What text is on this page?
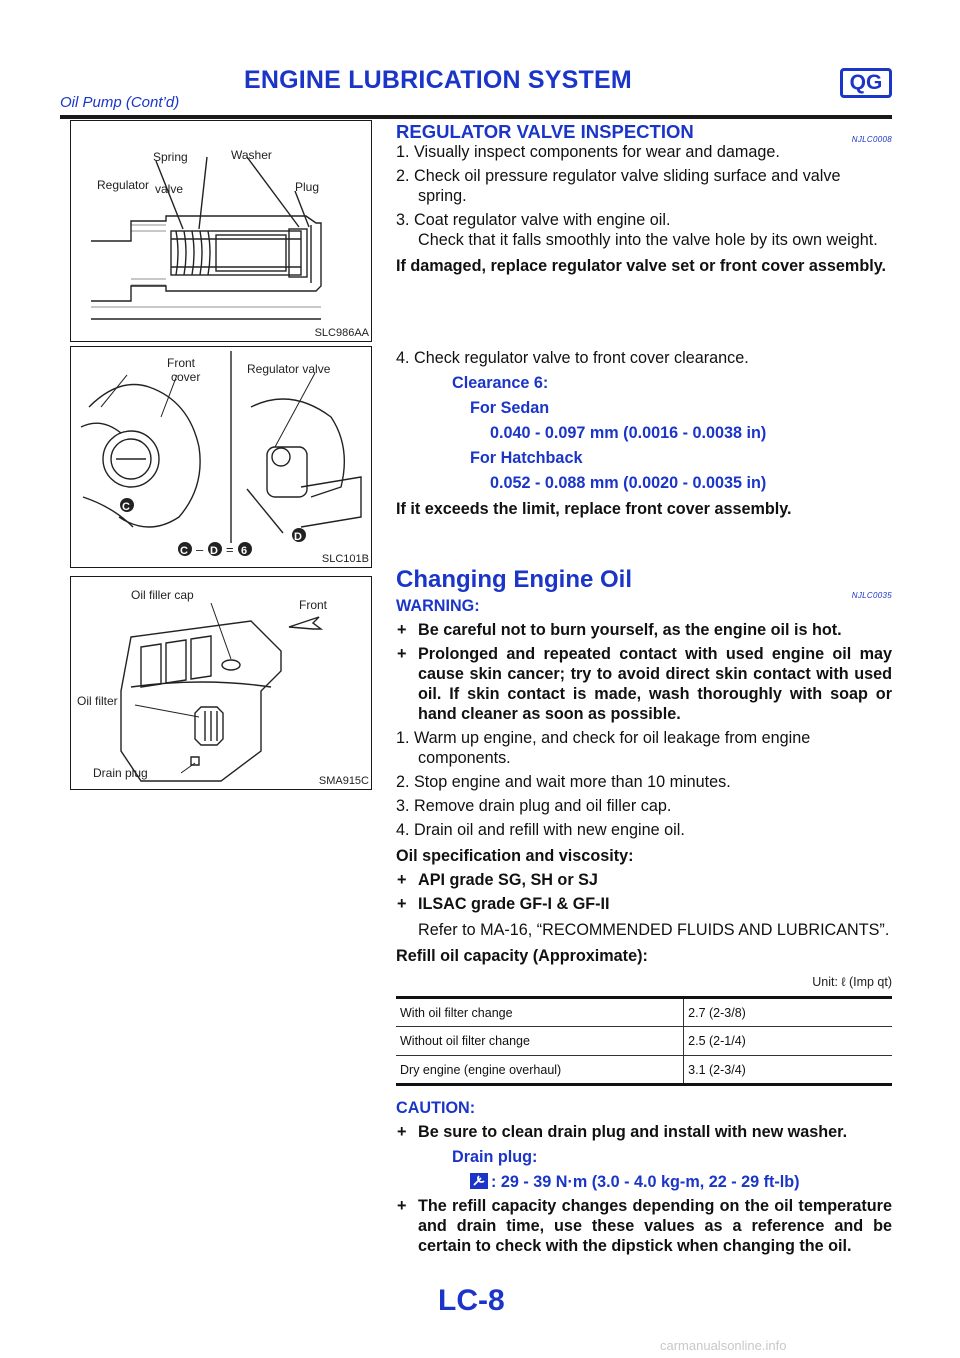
ENGINE LUBRICATION SYSTEM	QG
Oil Pump (Cont’d)
Spring	Washer
Regulator valve	Plug
SLC986AA
Front
cover
Regulator valve
C
D
C – D = 6
SLC101B
Oil filler cap
Front
Oil filter
Drain plug
SMA915C
REGULATOR VALVE INSPECTION	NJLC0008
1. Visually inspect components for wear and damage.
2. Check oil pressure regulator valve sliding surface and valve spring.
3. Coat regulator valve with engine oil.
Check that it falls smoothly into the valve hole by its own weight.
If damaged, replace regulator valve set or front cover assembly.
4. Check regulator valve to front cover clearance.
Clearance 6:
For Sedan
0.040 - 0.097 mm (0.0016 - 0.0038 in)
For Hatchback
0.052 - 0.088 mm (0.0020 - 0.0035 in)
If it exceeds the limit, replace front cover assembly.
Changing Engine Oil
NJLC0035
WARNING:
+ Be careful not to burn yourself, as the engine oil is hot.
+ Prolonged and repeated contact with used engine oil may cause skin cancer; try to avoid direct skin contact with used oil. If skin contact is made, wash thoroughly with soap or hand cleaner as soon as possible.
1. Warm up engine, and check for oil leakage from engine components.
2. Stop engine and wait more than 10 minutes.
3. Remove drain plug and oil filler cap.
4. Drain oil and refill with new engine oil.
Oil specification and viscosity:
+ API grade SG, SH or SJ
+ ILSAC grade GF-I & GF-II
Refer to MA-16, “RECOMMENDED FLUIDS AND LUBRICANTS”.
Refill oil capacity (Approximate):
Unit: ℓ (Imp qt)
With oil filter change	2.7 (2-3/8)
Without oil filter change	2.5 (2-1/4)
Dry engine (engine overhaul)	3.1 (2-3/4)
CAUTION:
+ Be sure to clean drain plug and install with new washer.
Drain plug:
: 29 - 39 N·m (3.0 - 4.0 kg-m, 22 - 29 ft-lb)
+ The refill capacity changes depending on the oil temperature and drain time, use these values as a reference and be certain to check with the dipstick when changing the oil.
LC-8
carmanualsonline.info
